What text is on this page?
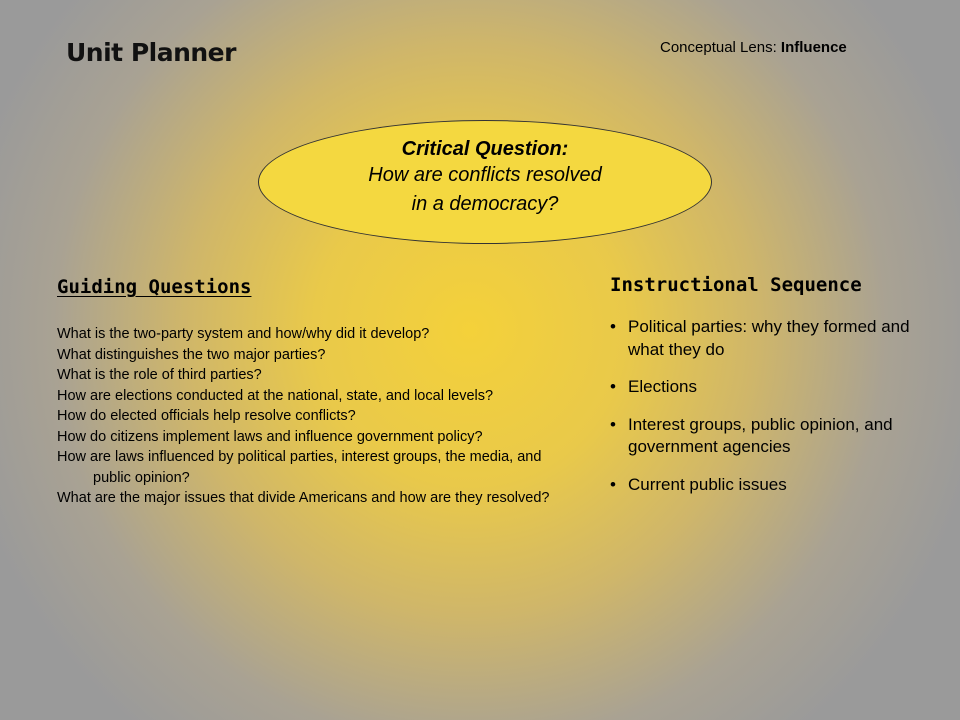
Unit Planner	Conceptual Lens: Influence
Critical Question:
How are conflicts resolved
in a democracy?
Guiding Questions
What is the two-party system and how/why did it develop?
What distinguishes the two major parties?
What is the role of third parties?
How are elections conducted at the national, state, and local levels?
How do elected officials help resolve conflicts?
How do citizens implement laws and influence government policy?
How are laws influenced by political parties, interest groups, the media, and public opinion?
What are the major issues that divide Americans and how are they resolved?
Instructional Sequence
• Political parties: why they formed and what they do
• Elections
• Interest groups, public opinion, and government agencies
• Current public issues
